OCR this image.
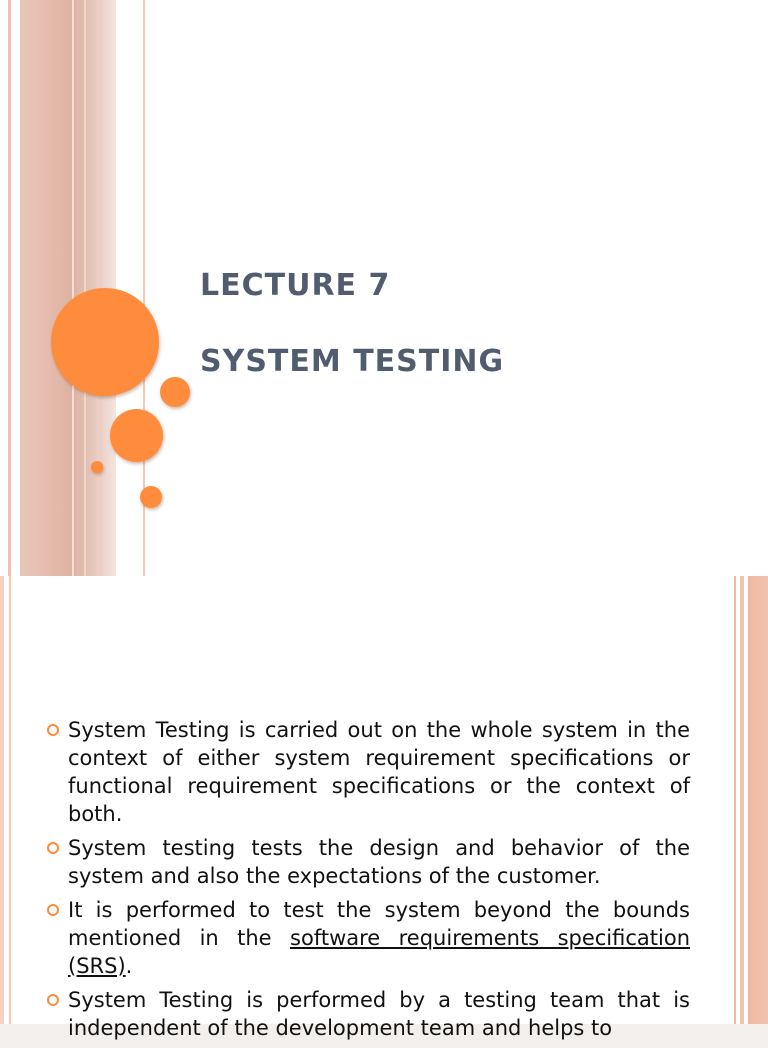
LECTURE 7
SYSTEM TESTING
System Testing is carried out on the whole system in the context of either system requirement specifications or functional requirement specifications or the context of both.
System testing tests the design and behavior of the system and also the expectations of the customer.
It is performed to test the system beyond the bounds mentioned in the software requirements specification (SRS).
System Testing is performed by a testing team that is independent of the development team and helps to
